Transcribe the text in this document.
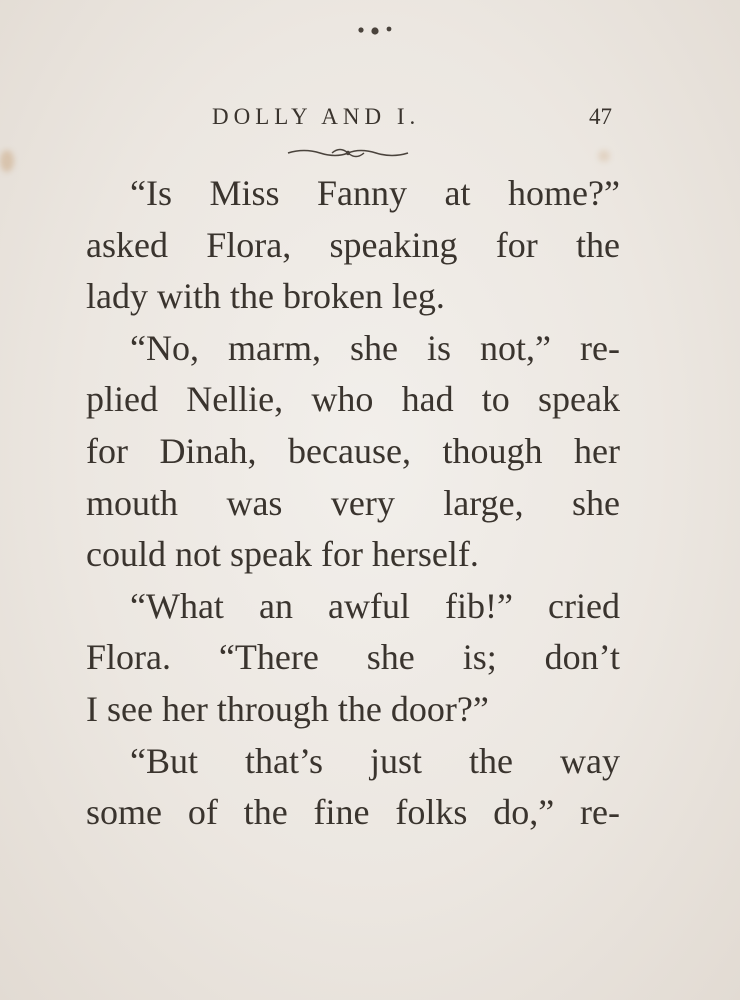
DOLLY AND I.	47
“Is Miss Fanny at home?”
asked Flora, speaking for the
lady with the broken leg.
“No, marm, she is not,” re-
plied Nellie, who had to speak
for Dinah, because, though her
mouth was very large, she
could not speak for herself.
“What an awful fib!” cried
Flora. “There she is; don’t
I see her through the door?”
“But that’s just the way
some of the fine folks do,” re-
